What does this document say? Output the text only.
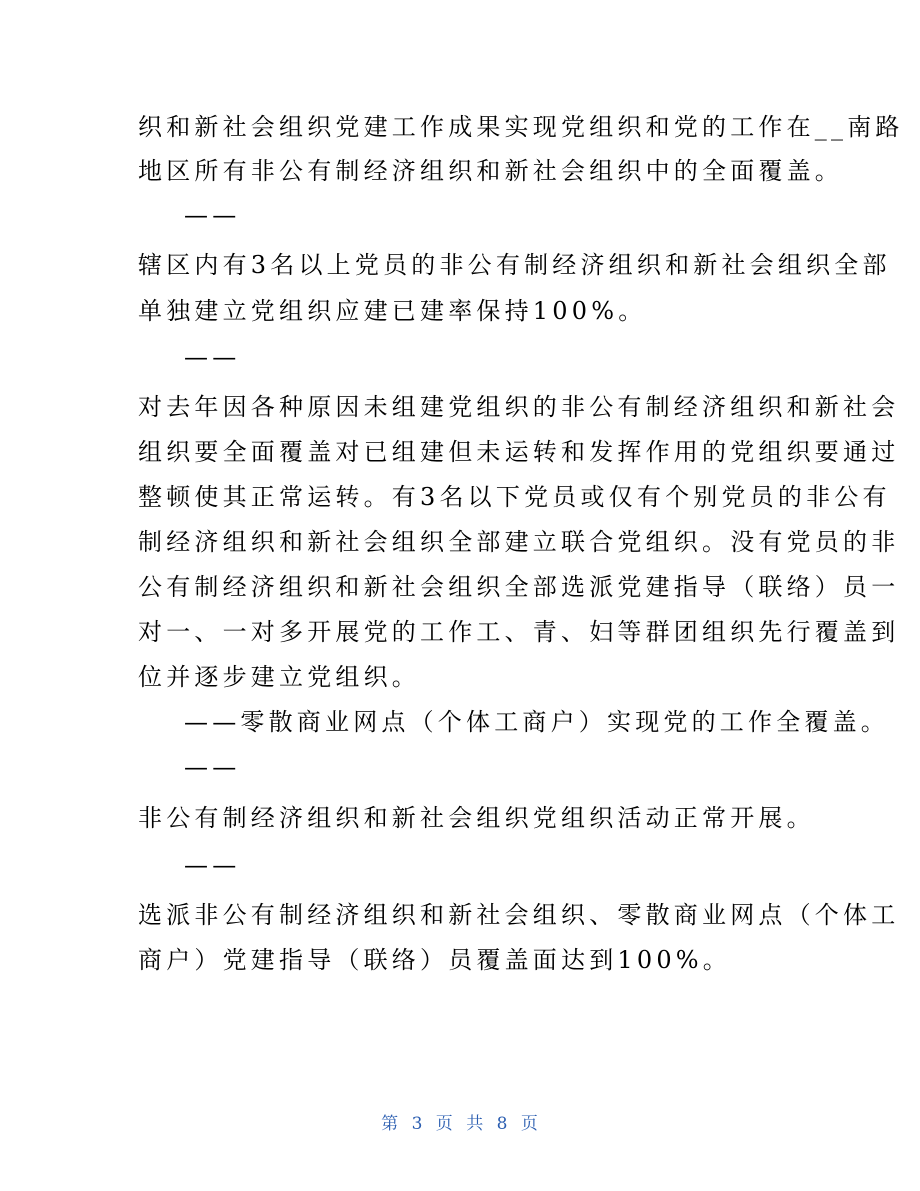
织和新社会组织党建工作成果实现党组织和党的工作在__南路
地区所有非公有制经济组织和新社会组织中的全面覆盖。
——
辖区内有3名以上党员的非公有制经济组织和新社会组织全部
单独建立党组织应建已建率保持100%。
——
对去年因各种原因未组建党组织的非公有制经济组织和新社会
组织要全面覆盖对已组建但未运转和发挥作用的党组织要通过
整顿使其正常运转。有3名以下党员或仅有个别党员的非公有
制经济组织和新社会组织全部建立联合党组织。没有党员的非
公有制经济组织和新社会组织全部选派党建指导（联络）员一
对一、一对多开展党的工作工、青、妇等群团组织先行覆盖到
位并逐步建立党组织。
——零散商业网点（个体工商户）实现党的工作全覆盖。
——
非公有制经济组织和新社会组织党组织活动正常开展。
——
选派非公有制经济组织和新社会组织、零散商业网点（个体工
商户）党建指导（联络）员覆盖面达到100%。
第 3 页 共 8 页
